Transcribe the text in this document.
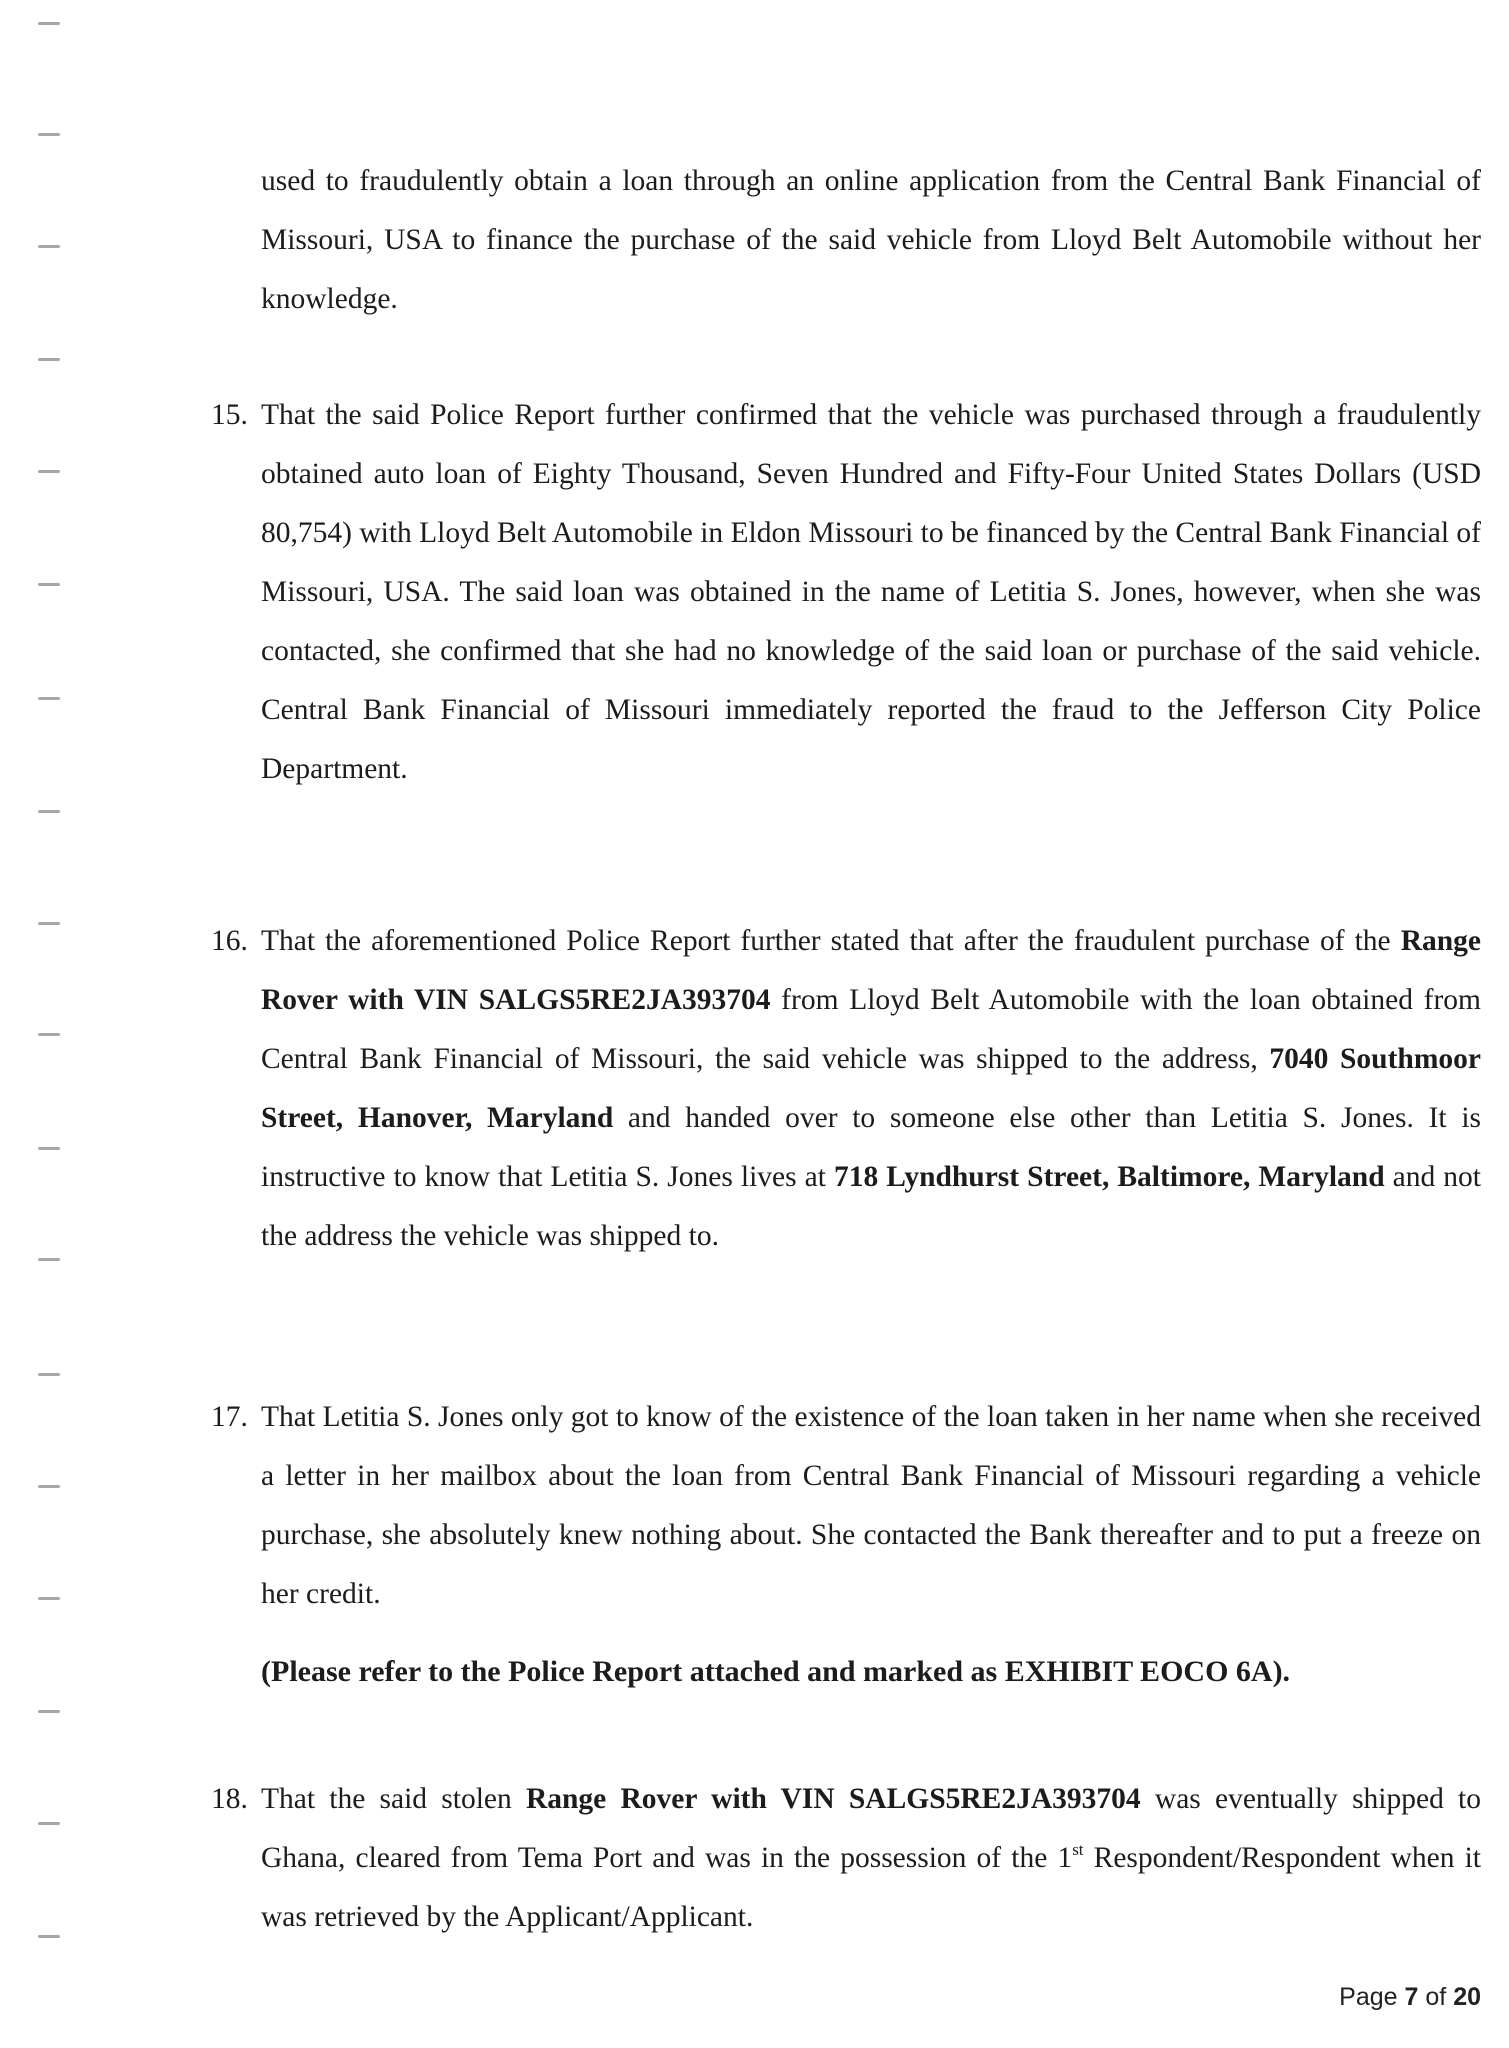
used to fraudulently obtain a loan through an online application from the Central Bank Financial of Missouri, USA to finance the purchase of the said vehicle from Lloyd Belt Automobile without her knowledge.

15. That the said Police Report further confirmed that the vehicle was purchased through a fraudulently obtained auto loan of Eighty Thousand, Seven Hundred and Fifty-Four United States Dollars (USD 80,754) with Lloyd Belt Automobile in Eldon Missouri to be financed by the Central Bank Financial of Missouri, USA. The said loan was obtained in the name of Letitia S. Jones, however, when she was contacted, she confirmed that she had no knowledge of the said loan or purchase of the said vehicle. Central Bank Financial of Missouri immediately reported the fraud to the Jefferson City Police Department.

16. That the aforementioned Police Report further stated that after the fraudulent purchase of the Range Rover with VIN SALGS5RE2JA393704 from Lloyd Belt Automobile with the loan obtained from Central Bank Financial of Missouri, the said vehicle was shipped to the address, 7040 Southmoor Street, Hanover, Maryland and handed over to someone else other than Letitia S. Jones. It is instructive to know that Letitia S. Jones lives at 718 Lyndhurst Street, Baltimore, Maryland and not the address the vehicle was shipped to.

17. That Letitia S. Jones only got to know of the existence of the loan taken in her name when she received a letter in her mailbox about the loan from Central Bank Financial of Missouri regarding a vehicle purchase, she absolutely knew nothing about. She contacted the Bank thereafter and to put a freeze on her credit.

(Please refer to the Police Report attached and marked as EXHIBIT EOCO 6A).

18. That the said stolen Range Rover with VIN SALGS5RE2JA393704 was eventually shipped to Ghana, cleared from Tema Port and was in the possession of the 1st Respondent/Respondent when it was retrieved by the Applicant/Applicant.

Page 7 of 20
